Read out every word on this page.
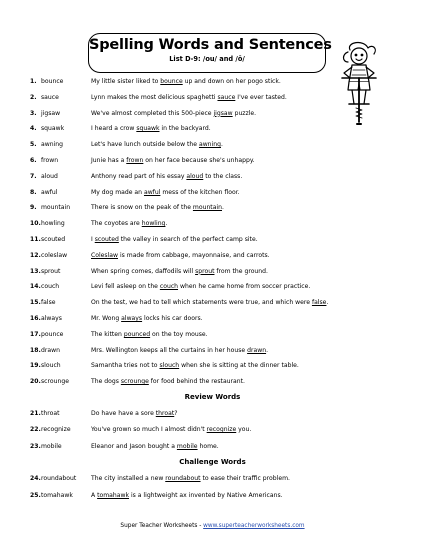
Spelling Words and Sentences
List D-9: /ou/ and /ō/
1. bounce	My little sister liked to bounce up and down on her pogo stick.
2. sauce	Lynn makes the most delicious spaghetti sauce I've ever tasted.
3. jigsaw	We've almost completed this 500-piece jigsaw puzzle.
4. squawk	I heard a crow squawk in the backyard.
5. awning	Let's have lunch outside below the awning.
6. frown	Junie has a frown on her face because she's unhappy.
7. aloud	Anthony read part of his essay aloud to the class.
8. awful	My dog made an awful mess of the kitchen floor.
9. mountain	There is snow on the peak of the mountain.
10. howling	The coyotes are howling.
11. scouted	I scouted the valley in search of the perfect camp site.
12. coleslaw	Coleslaw is made from cabbage, mayonnaise, and carrots.
13. sprout	When spring comes, daffodils will sprout from the ground.
14. couch	Levi fell asleep on the couch when he came home from soccer practice.
15. false	On the test, we had to tell which statements were true, and which were false.
16. always	Mr. Wong always locks his car doors.
17. pounce	The kitten pounced on the toy mouse.
18. drawn	Mrs. Wellington keeps all the curtains in her house drawn.
19. slouch	Samantha tries not to slouch when she is sitting at the dinner table.
20. scrounge	The dogs scrounge for food behind the restaurant.
21. throat	Do have have a sore throat?
22. recognize	You've grown so much I almost didn't recognize you.
23. mobile	Eleanor and Jason bought a mobile home.
24. roundabout	The city installed a new roundabout to ease their traffic problem.
25. tomahawk	A tomahawk is a lightweight ax invented by Native Americans.
Review Words
Challenge Words
Super Teacher Worksheets - www.superteacherworksheets.com
